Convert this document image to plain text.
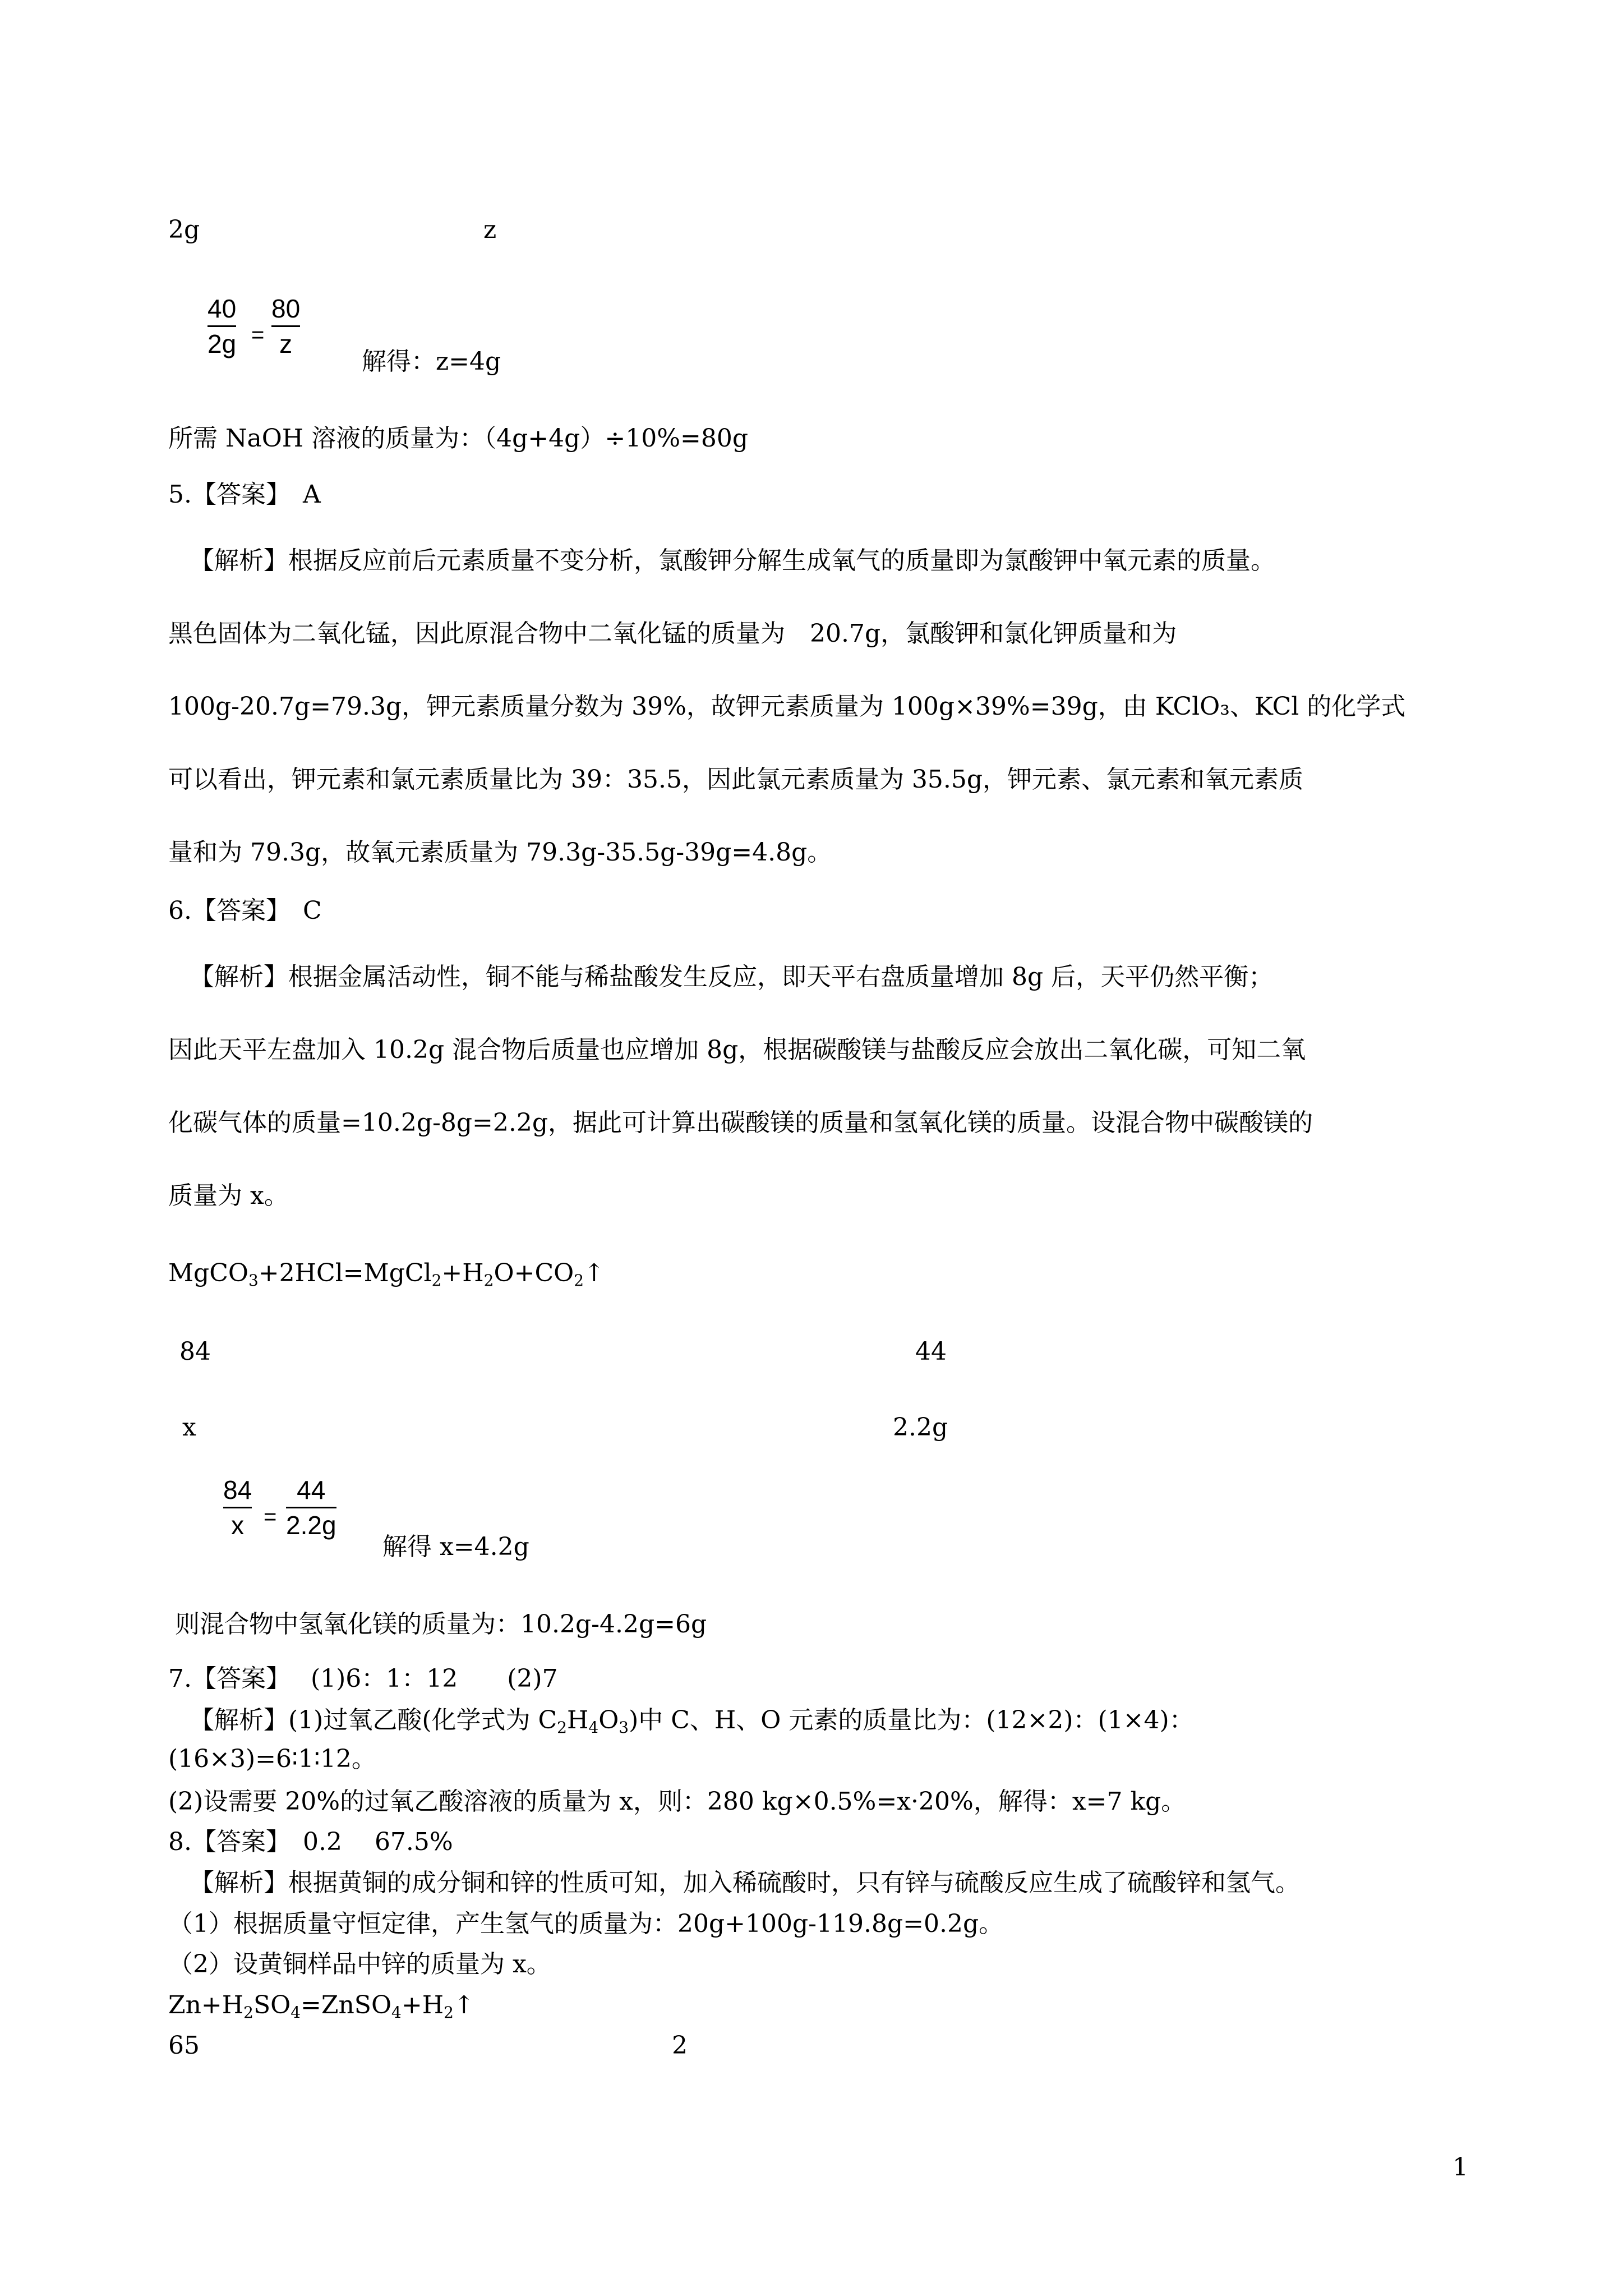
2g	z
40
2g =
80
z
解得：z=4g
所需 NaOH 溶液的质量为：（4g+4g）÷10%=80g
5.【答案】　A
【解析】根据反应前后元素质量不变分析，氯酸钾分解生成氧气的质量即为氯酸钾中氧元素的质量。
黑色固体为二氧化锰，因此原混合物中二氧化锰的质量为　20.7g，氯酸钾和氯化钾质量和为
100g-20.7g=79.3g，钾元素质量分数为 39%，故钾元素质量为 100g×39%=39g，由 KClO₃、KCl 的化学式
可以看出，钾元素和氯元素质量比为 39：35.5，因此氯元素质量为 35.5g，钾元素、氯元素和氧元素质
量和为 79.3g，故氧元素质量为 79.3g-35.5g-39g=4.8g。
6.【答案】　C
【解析】根据金属活动性，铜不能与稀盐酸发生反应，即天平右盘质量增加 8g 后，天平仍然平衡；
因此天平左盘加入 10.2g 混合物后质量也应增加 8g，根据碳酸镁与盐酸反应会放出二氧化碳，可知二氧
化碳气体的质量=10.2g-8g=2.2g，据此可计算出碳酸镁的质量和氢氧化镁的质量。设混合物中碳酸镁的
质量为 x。
$MgCO_3+2HCl=MgCl_2+H_2O+CO_2↑$
84	44
x	2.2g
84
x =
44
2.2g
解得 x=4.2g
则混合物中氢氧化镁的质量为：10.2g-4.2g=6g
7.【答案】　 (1)6：1：12　　(2)7
【解析】(1)过氧乙酸(化学式为 $C_2H_4O_3$)中 C、H、O 元素的质量比为：(12×2)：(1×4)：
(16×3)=6∶1∶12。
(2)设需要 20%的过氧乙酸溶液的质量为 x，则：280 kg×0.5%=x·20%，解得：x=7 kg。
8.【答案】　0.2　 67.5%
【解析】根据黄铜的成分铜和锌的性质可知，加入稀硫酸时，只有锌与硫酸反应生成了硫酸锌和氢气。
（1）根据质量守恒定律，产生氢气的质量为：20g+100g-119.8g=0.2g。
（2）设黄铜样品中锌的质量为 x。
$Zn+H_2SO_4=ZnSO_4+H_2↑$
65	2
1
